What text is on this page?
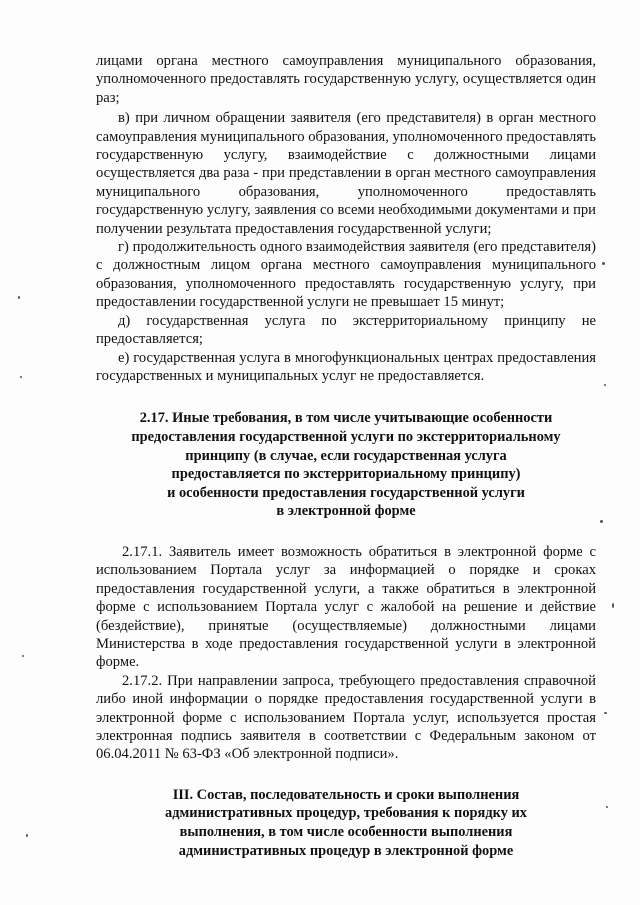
лицами органа местного самоуправления муниципального образования, уполномоченного предоставлять государственную услугу, осуществляется один раз;

в) при личном обращении заявителя (его представителя) в орган местного самоуправления муниципального образования, уполномоченного предоставлять государственную услугу, взаимодействие с должностными лицами осуществляется два раза - при представлении в орган местного самоуправления муниципального образования, уполномоченного предоставлять государственную услугу, заявления со всеми необходимыми документами и при получении результата предоставления государственной услуги;

г) продолжительность одного взаимодействия заявителя (его представителя) с должностным лицом органа местного самоуправления муниципального образования, уполномоченного предоставлять государственную услугу, при предоставлении государственной услуги не превышает 15 минут;

д) государственная услуга по экстерриториальному принципу не предоставляется;

е) государственная услуга в многофункциональных центрах предоставления государственных и муниципальных услуг не предоставляется.

2.17. Иные требования, в том числе учитывающие особенности
предоставления государственной услуги по экстерриториальному
принципу (в случае, если государственная услуга
предоставляется по экстерриториальному принципу)
и особенности предоставления государственной услуги
в электронной форме

2.17.1. Заявитель имеет возможность обратиться в электронной форме с использованием Портала услуг за информацией о порядке и сроках предоставления государственной услуги, а также обратиться в электронной форме с использованием Портала услуг с жалобой на решение и действие (бездействие), принятые (осуществляемые) должностными лицами Министерства в ходе предоставления государственной услуги в электронной форме.

2.17.2. При направлении запроса, требующего предоставления справочной либо иной информации о порядке предоставления государственной услуги в электронной форме с использованием Портала услуг, используется простая электронная подпись заявителя в соответствии с Федеральным законом от 06.04.2011 № 63-ФЗ «Об электронной подписи».

III. Состав, последовательность и сроки выполнения
административных процедур, требования к порядку их
выполнения, в том числе особенности выполнения
административных процедур в электронной форме
